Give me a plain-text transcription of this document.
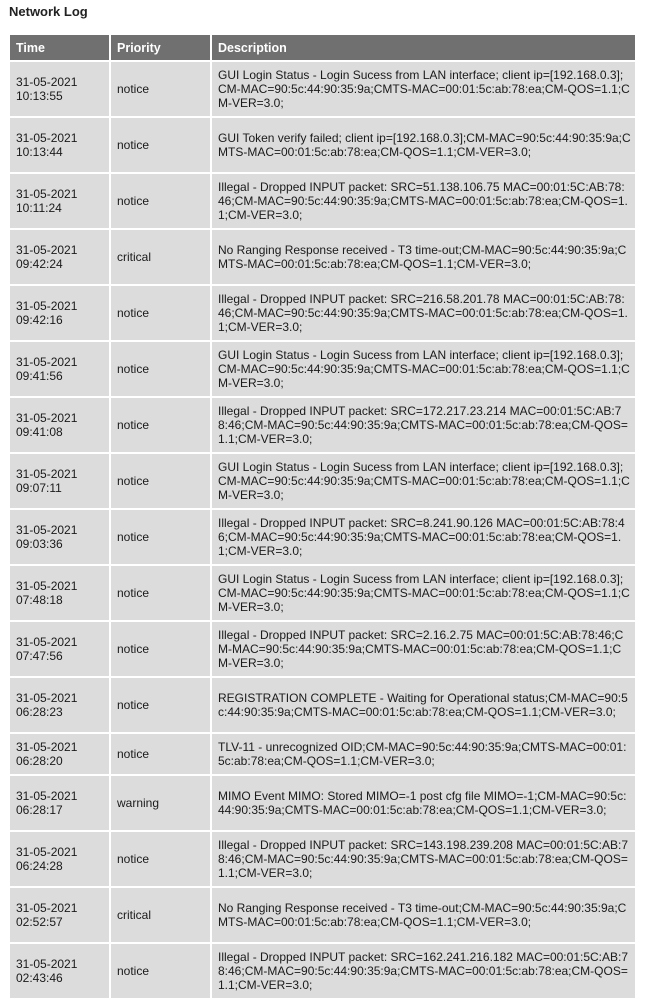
Network Log
Time	Priority	Description

31-05-2021
10:13:55	notice	GUI Login Status - Login Sucess from LAN interface; client ip=[192.168.0.3];CM-MAC=90:5c:44:90:35:9a;CMTS-MAC=00:01:5c:ab:78:ea;CM-QOS=1.1;CM-VER=3.0;

31-05-2021
10:13:44	notice	GUI Token verify failed; client ip=[192.168.0.3];CM-MAC=90:5c:44:90:35:9a;CMTS-MAC=00:01:5c:ab:78:ea;CM-QOS=1.1;CM-VER=3.0;

31-05-2021
10:11:24	notice	Illegal - Dropped INPUT packet: SRC=51.138.106.75 MAC=00:01:5C:AB:78:46;CM-MAC=90:5c:44:90:35:9a;CMTS-MAC=00:01:5c:ab:78:ea;CM-QOS=1.1;CM-VER=3.0;

31-05-2021
09:42:24	critical	No Ranging Response received - T3 time-out;CM-MAC=90:5c:44:90:35:9a;CMTS-MAC=00:01:5c:ab:78:ea;CM-QOS=1.1;CM-VER=3.0;

31-05-2021
09:42:16	notice	Illegal - Dropped INPUT packet: SRC=216.58.201.78 MAC=00:01:5C:AB:78:46;CM-MAC=90:5c:44:90:35:9a;CMTS-MAC=00:01:5c:ab:78:ea;CM-QOS=1.1;CM-VER=3.0;

31-05-2021
09:41:56	notice	GUI Login Status - Login Sucess from LAN interface; client ip=[192.168.0.3];CM-MAC=90:5c:44:90:35:9a;CMTS-MAC=00:01:5c:ab:78:ea;CM-QOS=1.1;CM-VER=3.0;

31-05-2021
09:41:08	notice	Illegal - Dropped INPUT packet: SRC=172.217.23.214 MAC=00:01:5C:AB:78:46;CM-MAC=90:5c:44:90:35:9a;CMTS-MAC=00:01:5c:ab:78:ea;CM-QOS=1.1;CM-VER=3.0;

31-05-2021
09:07:11	notice	GUI Login Status - Login Sucess from LAN interface; client ip=[192.168.0.3];CM-MAC=90:5c:44:90:35:9a;CMTS-MAC=00:01:5c:ab:78:ea;CM-QOS=1.1;CM-VER=3.0;

31-05-2021
09:03:36	notice	Illegal - Dropped INPUT packet: SRC=8.241.90.126 MAC=00:01:5C:AB:78:46;CM-MAC=90:5c:44:90:35:9a;CMTS-MAC=00:01:5c:ab:78:ea;CM-QOS=1.1;CM-VER=3.0;

31-05-2021
07:48:18	notice	GUI Login Status - Login Sucess from LAN interface; client ip=[192.168.0.3];CM-MAC=90:5c:44:90:35:9a;CMTS-MAC=00:01:5c:ab:78:ea;CM-QOS=1.1;CM-VER=3.0;

31-05-2021
07:47:56	notice	Illegal - Dropped INPUT packet: SRC=2.16.2.75 MAC=00:01:5C:AB:78:46;CM-MAC=90:5c:44:90:35:9a;CMTS-MAC=00:01:5c:ab:78:ea;CM-QOS=1.1;CM-VER=3.0;

31-05-2021
06:28:23	notice	REGISTRATION COMPLETE - Waiting for Operational status;CM-MAC=90:5c:44:90:35:9a;CMTS-MAC=00:01:5c:ab:78:ea;CM-QOS=1.1;CM-VER=3.0;

31-05-2021
06:28:20	notice	TLV-11 - unrecognized OID;CM-MAC=90:5c:44:90:35:9a;CMTS-MAC=00:01:5c:ab:78:ea;CM-QOS=1.1;CM-VER=3.0;

31-05-2021
06:28:17	warning	MIMO Event MIMO: Stored MIMO=-1 post cfg file MIMO=-1;CM-MAC=90:5c:44:90:35:9a;CMTS-MAC=00:01:5c:ab:78:ea;CM-QOS=1.1;CM-VER=3.0;

31-05-2021
06:24:28	notice	Illegal - Dropped INPUT packet: SRC=143.198.239.208 MAC=00:01:5C:AB:78:46;CM-MAC=90:5c:44:90:35:9a;CMTS-MAC=00:01:5c:ab:78:ea;CM-QOS=1.1;CM-VER=3.0;

31-05-2021
02:52:57	critical	No Ranging Response received - T3 time-out;CM-MAC=90:5c:44:90:35:9a;CMTS-MAC=00:01:5c:ab:78:ea;CM-QOS=1.1;CM-VER=3.0;

31-05-2021
02:43:46	notice	Illegal - Dropped INPUT packet: SRC=162.241.216.182 MAC=00:01:5C:AB:78:46;CM-MAC=90:5c:44:90:35:9a;CMTS-MAC=00:01:5c:ab:78:ea;CM-QOS=1.1;CM-VER=3.0;
